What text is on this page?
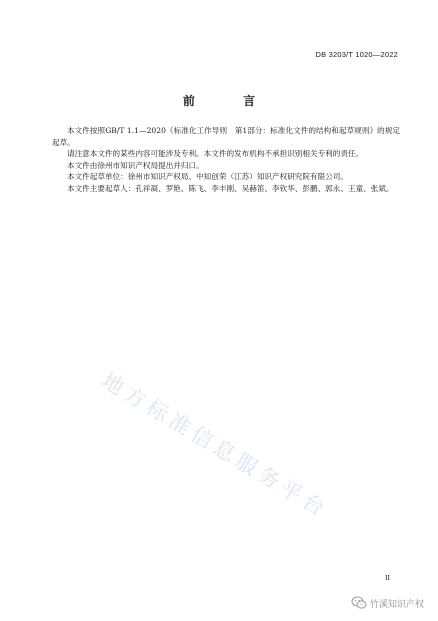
DB 3203/T 1020—2022
前 言

本文件按照GB/T 1.1—2020《标准化工作导则　第1部分：标准化文件的结构和起草规则》的规定起草。

请注意本文件的某些内容可能涉及专利。本文件的发布机构不承担识别相关专利的责任。

本文件由徐州市知识产权局提出并归口。

本文件起草单位：徐州市知识产权局、中知创荣（江苏）知识产权研究院有限公司。

本文件主要起草人：孔祥凝、罗艳、陈飞、李丰刚、吴赫笛、李钦华、彭鹏、郭永、王童、张斌。

地方标准信息服务平台
II
竹溪知识产权
